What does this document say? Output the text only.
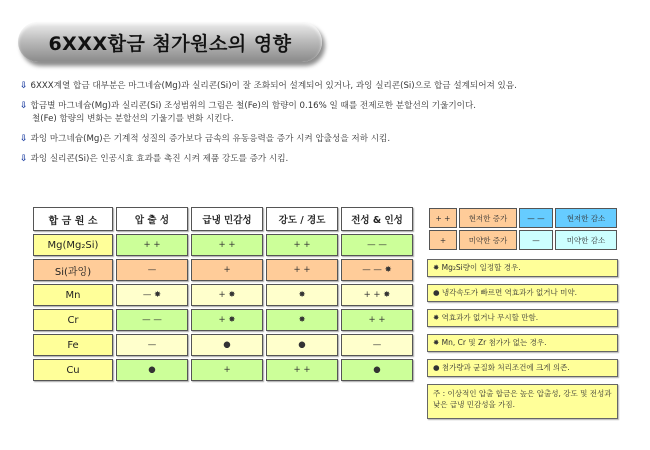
6XXX합금 첨가원소의 영향
⇩ 6XXX계열 합금 대부분은 마그네슘(Mg)과 실리콘(Si)이 잘 조화되어 설계되어 있거나, 과잉 실리콘(Si)으로 합금 설계되어져 있음.
⇩ 합금별 마그네슘(Mg)과 실리콘(Si) 조성범위의 그림은 철(Fe)의 함량이 0.16% 일 때를 전제로한 분할선의 기울기이다.
철(Fe) 함량의 변화는 분할선의 기울기를 변화 시킨다.
⇩ 과잉 마그네슘(Mg)은 기계적 성질의 증가보다 금속의 유동응력을 증가 시켜 압출성을 저하 시킴.
⇩ 과잉 실리콘(Si)은 인공시효 효과를 촉진 시켜 제품 강도를 증가 시킴.
합 금 원 소	압 출 성	급냉 민감성	강도 / 경도	전성 & 인성
Mg(Mg₂Si)	+ +	+ +	+ +	— —
Si(과잉)	—	+	+ +	— — ✸
Mn	— ✸	+ ✸	✸	+ + ✸
Cr	— —	+ ✸	✸	+ +
Fe	—	●	●	—
Cu	●	+	+ +	●
+ +	현저한 증가	— —	현저한 감소
+	미약한 증가	—	미약한 감소
✸ Mg₂Si량이 일정할 경우.
● 냉각속도가 빠르면 역효과가 없거나 미약.
✸ 역효과가 없거나 무시할 만함.
✸ Mn, Cr 및 Zr 첨가가 없는 경우.
● 첨가량과 균질화 처리조건에 크게 의존.
주 : 이상적인 압출 합금은 높은 압출성, 강도 및 전성과 낮은 급냉 민감성을 가짐.
